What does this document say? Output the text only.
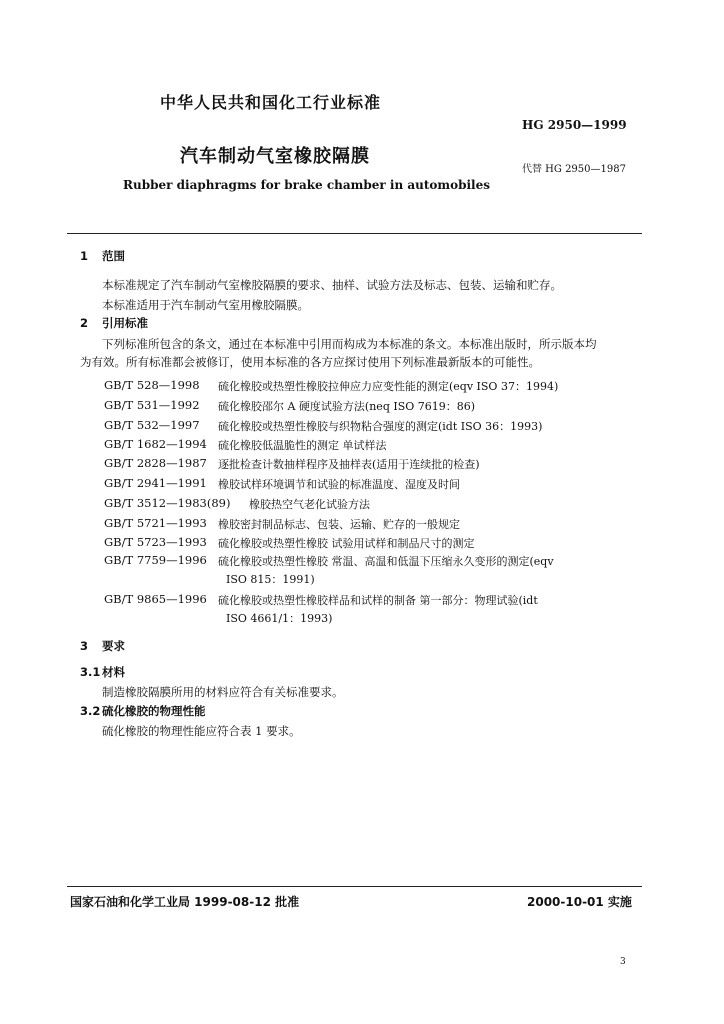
中华人民共和国化工行业标准
HG 2950—1999
汽车制动气室橡胶隔膜
代替 HG 2950—1987
Rubber diaphragms for brake chamber in automobiles
1 范围
本标准规定了汽车制动气室橡胶隔膜的要求、抽样、试验方法及标志、包装、运输和贮存。
本标准适用于汽车制动气室用橡胶隔膜。
2 引用标准
下列标准所包含的条文，通过在本标准中引用而构成为本标准的条文。本标准出版时，所示版本均
为有效。所有标准都会被修订，使用本标准的各方应探讨使用下列标准最新版本的可能性。
GB/T 528—1998 硫化橡胶或热塑性橡胶拉伸应力应变性能的测定(eqv ISO 37：1994)
GB/T 531—1992 硫化橡胶邵尔 A 硬度试验方法(neq ISO 7619：86)
GB/T 532—1997 硫化橡胶或热塑性橡胶与织物粘合强度的测定(idt ISO 36：1993)
GB/T 1682—1994 硫化橡胶低温脆性的测定 单试样法
GB/T 2828—1987 逐批检查计数抽样程序及抽样表(适用于连续批的检查)
GB/T 2941—1991 橡胶试样环境调节和试验的标准温度、湿度及时间
GB/T 3512—1983(89) 橡胶热空气老化试验方法
GB/T 5721—1993 橡胶密封制品标志、包装、运输、贮存的一般规定
GB/T 5723—1993 硫化橡胶或热塑性橡胶 试验用试样和制品尺寸的测定
GB/T 7759—1996 硫化橡胶或热塑性橡胶 常温、高温和低温下压缩永久变形的测定(eqv
ISO 815：1991)
GB/T 9865—1996 硫化橡胶或热塑性橡胶样品和试样的制备 第一部分：物理试验(idt
ISO 4661/1：1993)
3 要求
3.1 材料
制造橡胶隔膜所用的材料应符合有关标准要求。
3.2 硫化橡胶的物理性能
硫化橡胶的物理性能应符合表 1 要求。
国家石油和化学工业局 1999-08-12 批准	2000-10-01 实施
3
